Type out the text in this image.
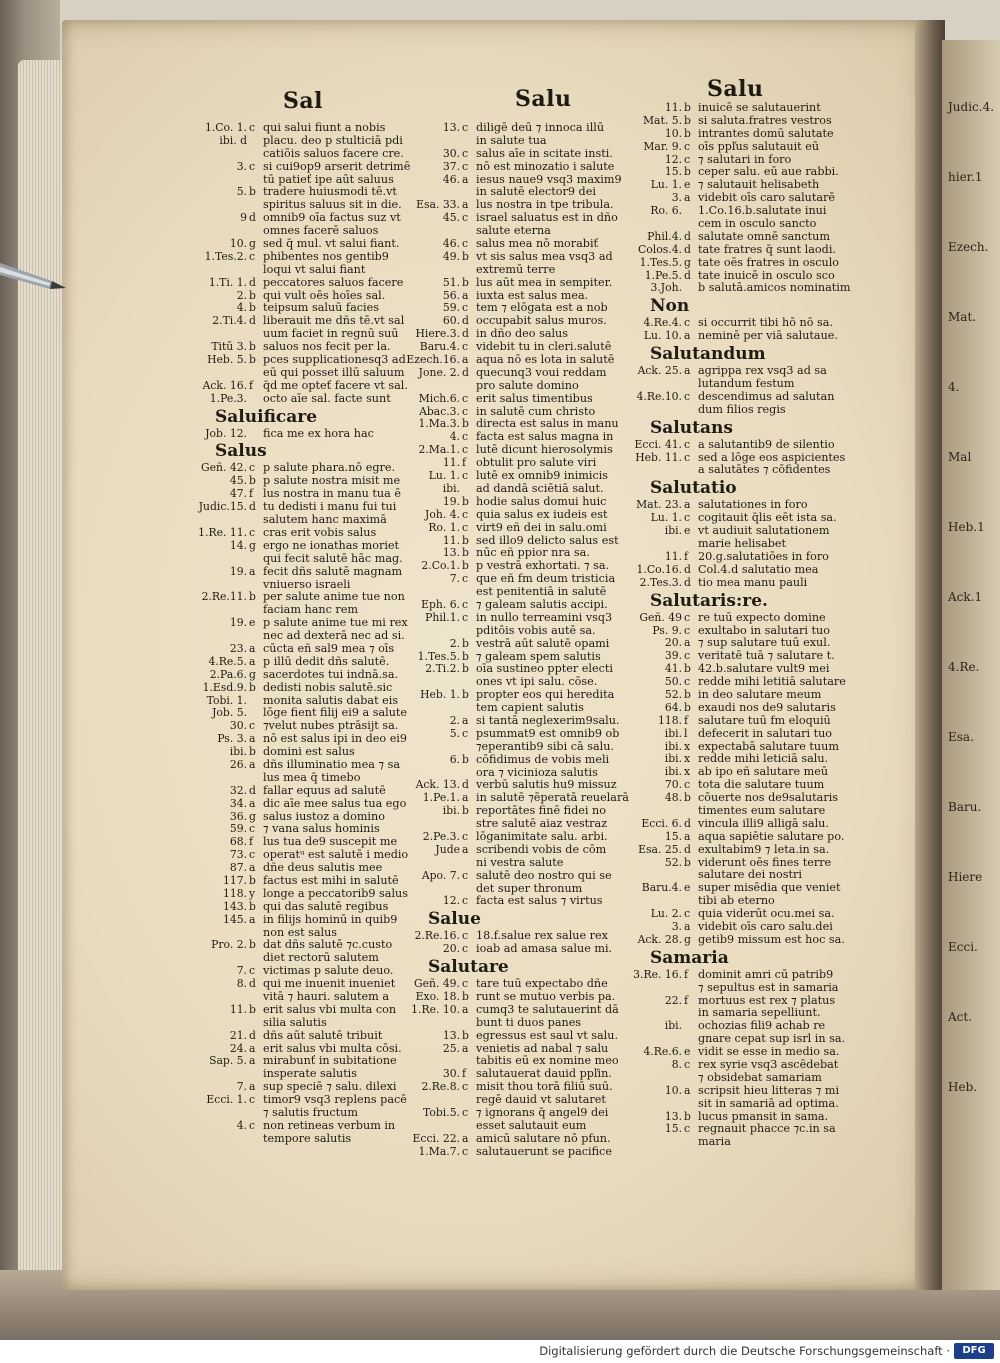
Judic.4.
hier.1
Ezech.
Mat.
4.
Mal
Heb.1
Ack.1
4.Re.
Esa.
Baru.
Hiere
Ecci.
Act.
Heb.
Sal	Salu	Salu
1.Co. 1. c qui salui fiunt a nobis
ibi. d placu. deo p stulticiā pdi
catiõis saluos facere cre.
3. c si cui9op9 arserit detrimē
tū patieť ipe aūt saluus
5. b tradere huiusmodi tē.vt
spiritus saluus sit in die.
9 d omnib9 oīa factus suz vt
omnes facerē saluos
10. g sed q̄ mul. vt salui fiant.
1.Tes.2. c phibentes nos gentib9
loqui vt salui fiant
1.Ti. 1. d peccatores saluos facere
2. b qui vult oēs hoīes sal.
4. b teipsum saluū facies
2.Ti.4. d liberauit me dñs tē.vt sal
uum faciet in regnū suū
Titū 3. b saluos nos fecit per la.
Heb. 5. b pces supplicationesq3 ad
eū qui posset illū saluum
Ack. 16. f q̄d me opteť facere vt sal.
1.Pe.3. octo aīe sal. facte sunt
Saluificare
Job. 12. fica me ex hora hac
Salus
Geñ. 42. c p salute phara.nō egre.
45. b p salute nostra misit me
47. f lus nostra in manu tua ē
Judic.15. d tu dedisti i manu fui tui
salutem hanc maximā
1.Re. 11. c cras erit vobis salus
14. g ergo ne ionathas moriet
qui fecit salutē hāc mag.
19. a fecit dñs salutē magnam
vniuerso israeli
2.Re.11. b per salute anime tue non
faciam hanc rem
19. e p salute anime tue mi rex
nec ad dexterā nec ad si.
23. a cūcta eñ sal9 mea ⁊ oīs
4.Re.5. a p illū dedit dñs salutē.
2.Pa.6. g sacerdotes tui indnā.sa.
1.Esd.9. b dedisti nobis salutē.sic
Tobi. 1. monita salutis dabat eis
Job. 5. lōge fient filij ei9 a salute
30. c ⁊velut nubes ptrāsijt sa.
Ps. 3. a nō est salus ipi in deo ei9
ibi. b domini est salus
26. a dñs illuminatio mea ⁊ sa
lus mea q̄ timebo
32. d fallar equus ad salutē
34. a dic aīe mee salus tua ego
36. g salus iustoz a domino
59. c ⁊ vana salus hominis
68. f lus tua de9 suscepit me
73. c operatᵘ est salutē i medio
87. a dñe deus salutis mee
117. b factus est mihi in salutē
118. y longe a peccatorib9 salus
143. b qui das salutē regibus
145. a in filijs hominū in quib9
non est salus
Pro. 2. b dat dñs salutē ⁊c.custo
diet rectorū salutem
7. c victimas p salute deuo.
8. d qui me inuenit inueniet
vitā ⁊ hauri. salutem a
11. b erit salus vbi multa con
silia salutis
21. d dñs aūt salutē tribuit
24. a erit salus vbi multa cōsi.
Sap. 5. a mirabunť in subitatione
insperate salutis
7. a sup speciē ⁊ salu. dilexi
Ecci. 1. c timor9 vsq3 replens pacē
⁊ salutis fructum
4. c non retineas verbum in
tempore salutis
13. c diligē deū ⁊ innoca illū
in salute tua
30. c salus aīe in scitate insti.
37. c nō est minozatio i salute
46. a iesus naue9 vsq3 maxim9
in salutē elector9 dei
Esa. 33. a lus nostra in tpe tribula.
45. c israel saluatus est in dño
salute eterna
46. c salus mea nō morabiť
49. b vt sis salus mea vsq3 ad
extremū terre
51. b lus aūt mea in sempiter.
56. a iuxta est salus mea.
59. c tem ⁊ elōgata est a nob
60. d occupabit salus muros.
Hiere.3. d in dño deo salus
Baru.4. c videbit tu in cleri.salutē
Ezech.16. a aqua nō es lota in salutē
Jone. 2. d quecunq3 voui reddam
pro salute domino
Mich.6. c erit salus timentibus
Abac.3. c in salutē cum christo
1.Ma.3. b directa est salus in manu
4. c facta est salus magna in
2.Ma.1. c lutē dicunt hierosolymis
11. f obtulit pro salute viri
Lu. 1. c lutē ex omnib9 inimicis
ibi. ad dandā sciētiā salut.
19. b hodie salus domui huic
Joh. 4. c quia salus ex iudeis est
Ro. 1. c virt9 eñ dei in salu.omi
11. b sed illo9 delicto salus est
13. b nūc eñ ppior nra sa.
2.Co.1. b p vestrā exhortati. ⁊ sa.
7. c que eñ fm deum tristicia
est penitentiā in salutē
Eph. 6. c ⁊ galeam salutis accipi.
Phil.1. c in nullo terreamini vsq3
pditōis vobis autē sa.
2. b vestrā aūt salutē opami
1.Tes.5. b ⁊ galeam spem salutis
2.Ti.2. b oīa sustineo ppter electi
ones vt ipi salu. cōse.
Heb. 1. b propter eos qui heredita
tem capient salutis
2. a si tantā neglexerim9salu.
5. c psummat9 est omnib9 ob
⁊eperantib9 sibi cā salu.
6. b cōfidimus de vobis meli
ora ⁊ vicinioza salutis
Ack. 13. d verbū salutis hu9 missuz
1.Pe.1. a in salutē ⁊ēperatā reuelarā
ibi. b reportātes finē fidei no
stre salutē aiaz vestraz
2.Pe.3. c lōganimitate salu. arbi.
Jude a scribendi vobis de cōm
ni vestra salute
Apo. 7. c salutē deo nostro qui se
det super thronum
12. c facta est salus ⁊ virtus
Salue
2.Re.16. c 18.f.salue rex salue rex
20. c ioab ad amasa salue mi.
Salutare
Geñ. 49. c tare tuū expectabo dñe
Exo. 18. b runt se mutuo verbis pa.
1.Re. 10. a cumq3 te salutauerint dā
bunt ti duos panes
13. b egressus est saul vt salu.
25. a venietis ad nabal ⁊ salu
tabitis eū ex nomine meo
30. f salutauerat dauid ppľin.
2.Re.8. c misit thou torā filiū suū.
regē dauid vt salutaret
Tobi.5. c ⁊ ignorans q̄ angel9 dei
esset salutauit eum
Ecci. 22. a amicū salutare nō pfun.
1.Ma.7. c salutauerunt se pacifice
11. b inuicē se salutauerint
Mat. 5. b si saluta.fratres vestros
10. b intrantes domū salutate
Mar. 9. c oīs ppľus salutauit eū
12. c ⁊ salutari in foro
15. b ceper salu. eū aue rabbi.
Lu. 1. e ⁊ salutauit helisabeth
3. a videbit oīs caro salutarē
Ro. 6. 1.Co.16.b.salutate inui
cem in osculo sancto
Phil.4. d salutate omnē sanctum
Colos.4. d tate fratres q̄ sunt laodi.
1.Tes.5. g tate oēs fratres in osculo
1.Pe.5. d tate inuicē in osculo sco
3.Joh. b salutā.amicos nominatim
Non
4.Re.4. c si occurrit tibi hō nō sa.
Lu. 10. a neminē per viā salutaue.
Salutandum
Ack. 25. a agrippa rex vsq3 ad sa
lutandum festum
4.Re.10. c descendimus ad salutan
dum filios regis
Salutans
Ecci. 41. c a salutantib9 de silentio
Heb. 11. c sed a lōge eos aspicientes
a salutātes ⁊ cōfidentes
Salutatio
Mat. 23. a salutationes in foro
Lu. 1. c cogitauit q̄lis eēt ista sa.
ibi. e vt audiuit salutationem
marie helisabet
11. f 20.g.salutatiōes in foro
1.Co.16. d Col.4.d salutatio mea
2.Tes.3. d tio mea manu pauli
Salutaris:re.
Geñ. 49 c re tuū expecto domine
Ps. 9. c exultabo in salutari tuo
20. a ⁊ sup salutare tuū exul.
39. c veritatē tuā ⁊ salutare t.
41. b 42.b.salutare vult9 mei
50. c redde mihi letitiā salutare
52. b in deo salutare meum
64. b exaudi nos de9 salutaris
118. f salutare tuū fm eloquiū
ibi. l defecerit in salutari tuo
ibi. x expectabā salutare tuum
ibi. x redde mihi leticiā salu.
ibi. x ab ipo eñ salutare meū
70. c tota die salutare tuum
48. b cōuerte nos de9salutaris
timentes eum salutare
Ecci. 6. d vincula illi9 alligā salu.
15. a aqua sapiētie salutare po.
Esa. 25. d exultabim9 ⁊ leta.in sa.
52. b viderunt oēs fines terre
salutare dei nostri
Baru.4. e super misēdia que veniet
tibi ab eterno
Lu. 2. c quia viderūt ocu.mei sa.
3. a videbit oīs caro salu.dei
Ack. 28. g getib9 missum est hoc sa.
Samaria
3.Re. 16. f dominit amri cū patrib9
⁊ sepultus est in samaria
22. f mortuus est rex ⁊ platus
in samaria sepelliunt.
ibi. ochozias fili9 achab re
gnare cepat sup isrl in sa.
4.Re.6. e vidit se esse in medio sa.
8. c rex syrie vsq3 ascēdebat
⁊ obsidebat samariam
10. a scripsit hieu litteras ⁊ mi
sit in samariā ad optima.
13. b lucus pmansit in sama.
15. c regnauit phacce ⁊c.in sa
maria
Digitalisierung gefördert durch die Deutsche Forschungsgemeinschaft ·	DFG
